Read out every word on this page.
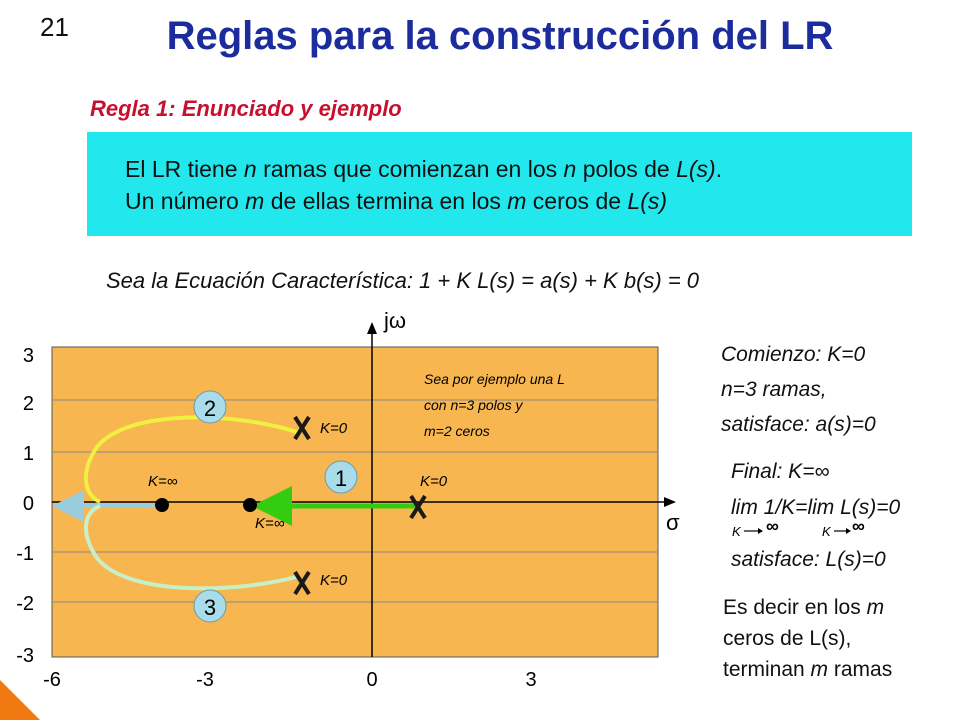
21	Reglas para la construcción del LR
Regla 1: Enunciado y ejemplo
El LR tiene n ramas que comienzan en los n polos de L(s).
Un número m de ellas termina en los m ceros de L(s)
Sea la Ecuación Característica: 1 + K L(s) = a(s) + K b(s) = 0
2
1
3
K=0
K=0
K=0
K=∞
K=∞
Sea por ejemplo una L
con n=3 polos y
m=2 ceros
jω
σ
3
2
1
0
-1
-2
-3
-6	-3	0	3
Comienzo: K=0
n=3 ramas,
satisface: a(s)=0
Final: K=∞
lim 1/K=lim L(s)=0
K ∞	K ∞
satisface: L(s)=0
Es decir en los m
ceros de L(s),
terminan m ramas
